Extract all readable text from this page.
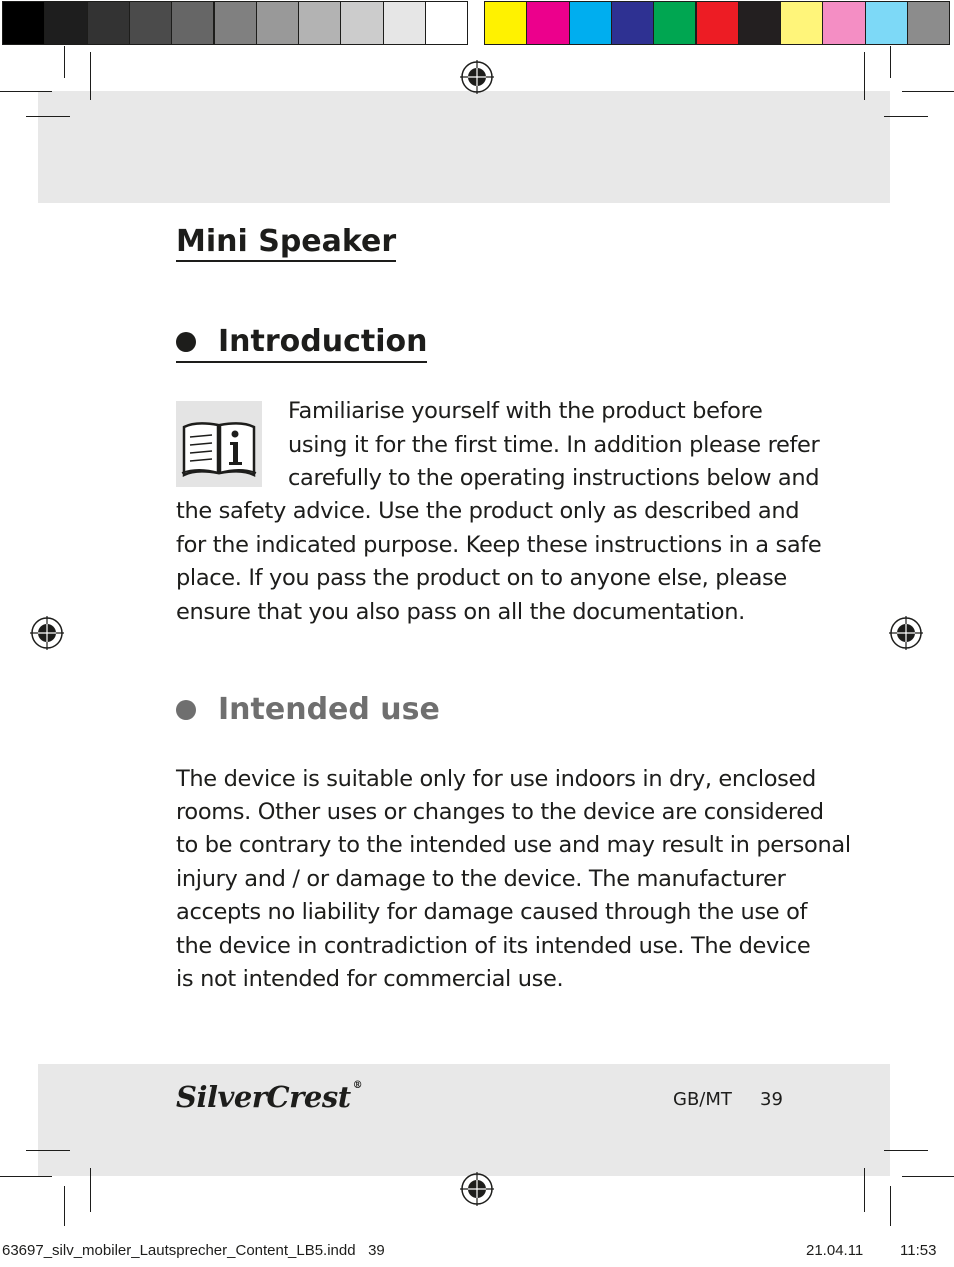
Mini Speaker
Introduction

Familiarise yourself with the product before

using it for the first time. In addition please refer

carefully to the operating instructions below and

the safety advice. Use the product only as described and

for the indicated purpose. Keep these instructions in a safe

place. If you pass the product on to anyone else, please

ensure that you also pass on all the documentation.

Intended use

The device is suitable only for use indoors in dry, enclosed

rooms. Other uses or changes to the device are considered

to be contrary to the intended use and may result in personal

injury and / or damage to the device. The manufacturer

accepts no liability for damage caused through the use of

the device in contradiction of its intended use. The device

is not intended for commercial use.

SilverCrest ®
GB/MT 39
63697_silv_mobiler_Lautsprecher_Content_LB5.indd   39	21.04.11 11:53
